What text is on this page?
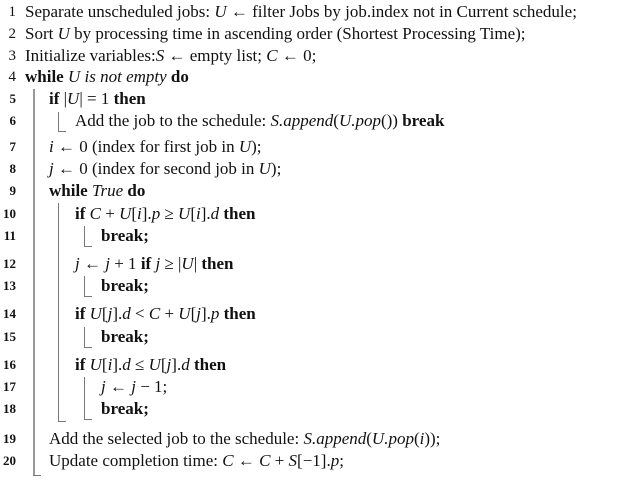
1 Separate unscheduled jobs: U ← filter Jobs by job.index not in Current schedule;
2 Sort U by processing time in ascending order (Shortest Processing Time);
3 Initialize variables:S ← empty list; C ← 0;
4 while U is not empty do
5 if |U| = 1 then
6	Add the job to the schedule: S.append(U.pop()) break
7 i ← 0 (index for first job in U);
8 j ← 0 (index for second job in U);
9 while True do
10	if C + U[i].p ≥ U[i].d then
11	break;
12	j ← j + 1 if j ≥ |U| then
13	break;
14	if U[j].d < C + U[j].p then
15	break;
16	if U[i].d ≤ U[j].d then
17	j ← j − 1;
18	break;
19 Add the selected job to the schedule: S.append(U.pop(i));
20 Update completion time: C ← C + S[−1].p;
